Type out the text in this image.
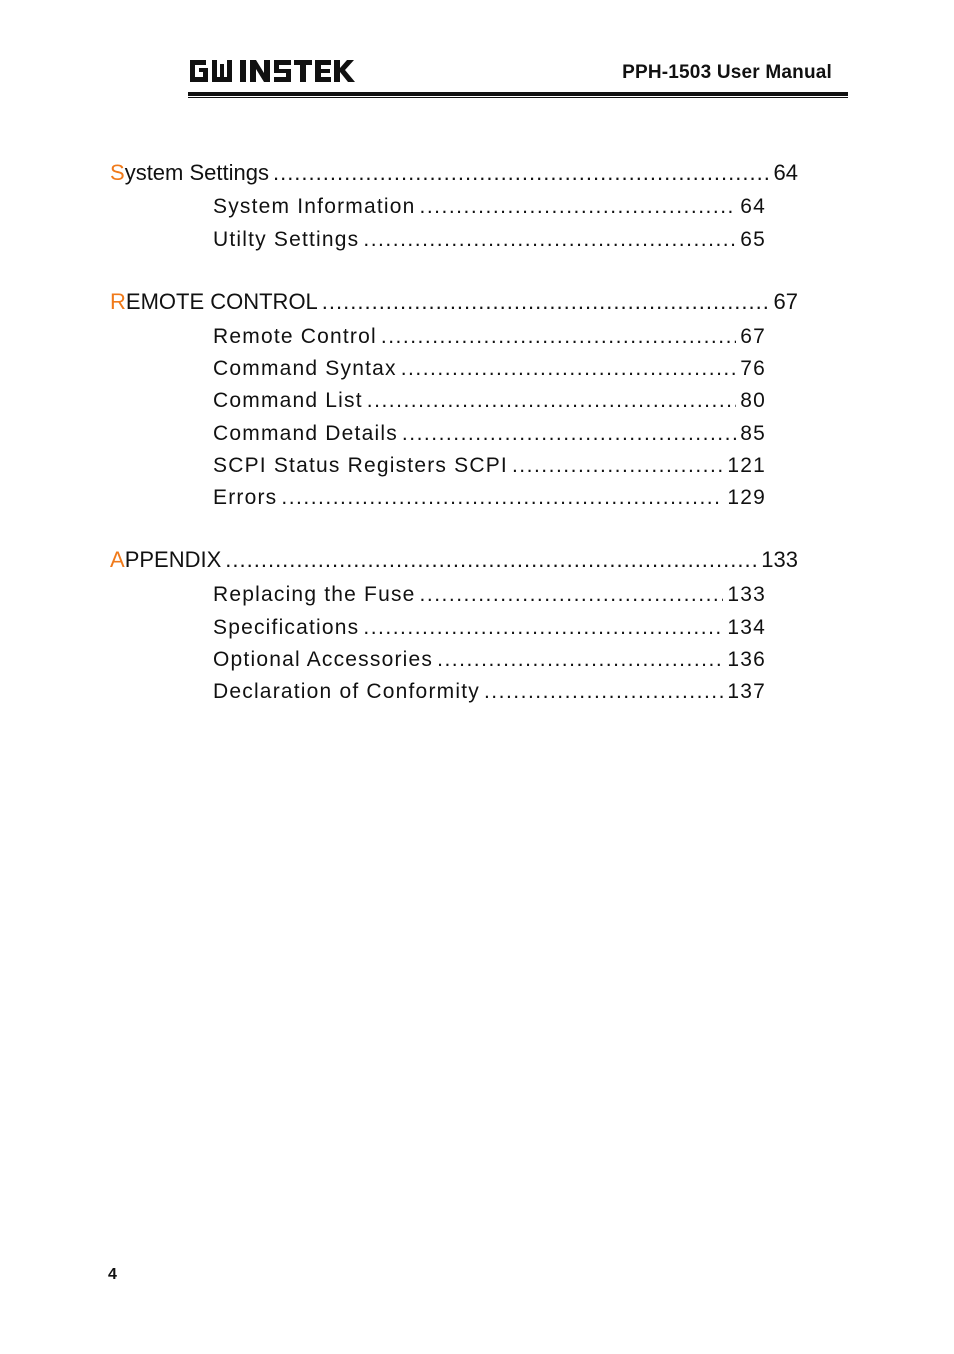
PPH-1503 User Manual
S ystem Settings .....	64
System Information .....	64
Utilty Settings .....	65
R EMOTE CONTROL .....	67
Remote Control .....	67
Command Syntax .....	76
Command List .....	80
Command Details .....	85
SCPI Status Registers SCPI .....	121
Errors .....	129
A PPENDIX .....	133
Replacing the Fuse .....	133
Specifications .....	134
Optional Accessories .....	136
Declaration of Conformity .....	137
4
